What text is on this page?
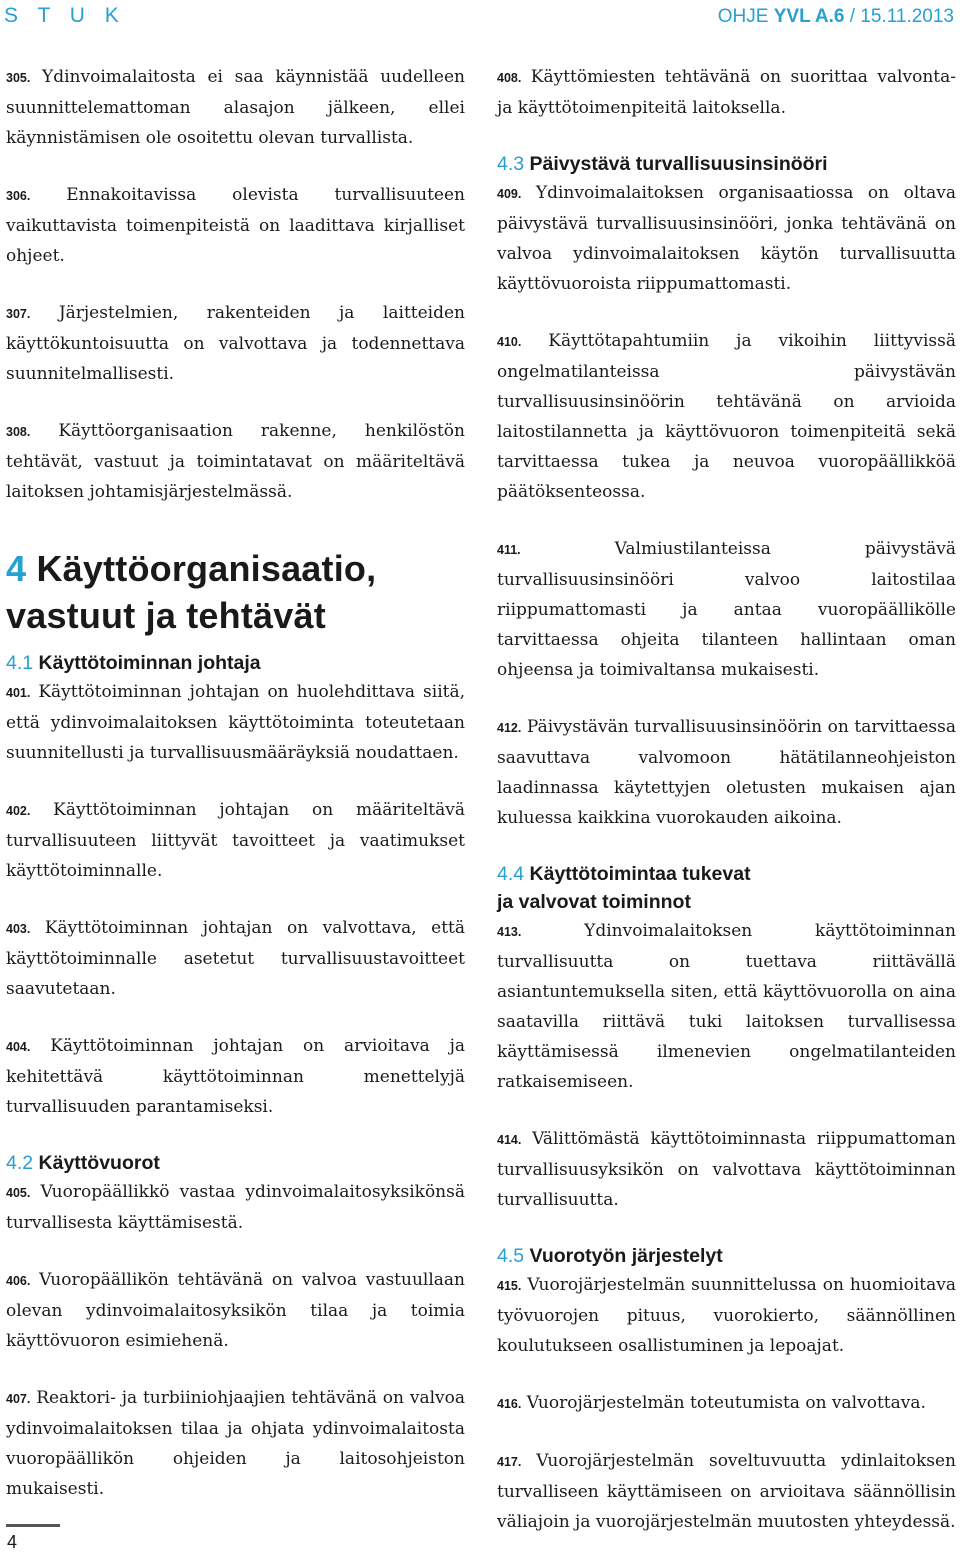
S T U K	OHJE YVL A.6 / 15.11.2013

305. Ydinvoimalaitosta ei saa käynnistää uudelleen suunnittelemattoman alasajon jälkeen, ellei käynnistämisen ole osoitettu olevan turvallista.

306. Ennakoitavissa olevista turvallisuuteen vaikuttavista toimenpiteistä on laadittava kirjalliset ohjeet.

307. Järjestelmien, rakenteiden ja laitteiden käyttökuntoisuutta on valvottava ja todennettava suunnitelmallisesti.

308. Käyttöorganisaation rakenne, henkilöstön tehtävät, vastuut ja toimintatavat on määriteltävä laitoksen johtamisjärjestelmässä.

4 Käyttöorganisaatio,
vastuut ja tehtävät
4.1 Käyttötoiminnan johtaja

401. Käyttötoiminnan johtajan on huolehdittava siitä, että ydinvoimalaitoksen käyttötoiminta toteutetaan suunnitellusti ja turvallisuusmääräyksiä noudattaen.

402. Käyttötoiminnan johtajan on määriteltävä turvallisuuteen liittyvät tavoitteet ja vaatimukset käyttötoiminnalle.

403. Käyttötoiminnan johtajan on valvottava, että käyttötoiminnalle asetetut turvallisuustavoitteet saavutetaan.

404. Käyttötoiminnan johtajan on arvioitava ja kehitettävä käyttötoiminnan menettelyjä turvallisuuden parantamiseksi.

4.2 Käyttövuorot

405. Vuoropäällikkö vastaa ydinvoimalaitosyksikönsä turvallisesta käyttämisestä.

406. Vuoropäällikön tehtävänä on valvoa vastuullaan olevan ydinvoimalaitosyksikön tilaa ja toimia käyttövuoron esimiehenä.

407. Reaktori- ja turbiiniohjaajien tehtävänä on valvoa ydinvoimalaitoksen tilaa ja ohjata ydinvoimalaitosta vuoropäällikön ohjeiden ja laitosohjeiston mukaisesti.

408. Käyttömiesten tehtävänä on suorittaa valvonta- ja käyttötoimenpiteitä laitoksella.

4.3 Päivystävä turvallisuusinsinööri

409. Ydinvoimalaitoksen organisaatiossa on oltava päivystävä turvallisuusinsinööri, jonka tehtävänä on valvoa ydinvoimalaitoksen käytön turvallisuutta käyttövuoroista riippumattomasti.

410. Käyttötapahtumiin ja vikoihin liittyvissä ongelmatilanteissa päivystävän turvallisuusinsinöörin tehtävänä on arvioida laitostilannetta ja käyttövuoron toimenpiteitä sekä tarvittaessa tukea ja neuvoa vuoropäällikköä päätöksenteossa.

411. Valmiustilanteissa päivystävä turvallisuusinsinööri valvoo laitostilaa riippumattomasti ja antaa vuoropäällikölle tarvittaessa ohjeita tilanteen hallintaan oman ohjeensa ja toimivaltansa mukaisesti.

412. Päivystävän turvallisuusinsinöörin on tarvittaessa saavuttava valvomoon hätätilanneohjeiston laadinnassa käytettyjen oletusten mukaisen ajan kuluessa kaikkina vuorokauden aikoina.

4.4 Käyttötoimintaa tukevat
ja valvovat toiminnot

413. Ydinvoimalaitoksen käyttötoiminnan turvallisuutta on tuettava riittävällä asiantuntemuksella siten, että käyttövuorolla on aina saatavilla riittävä tuki laitoksen turvallisessa käyttämisessä ilmenevien ongelmatilanteiden ratkaisemiseen.

414. Välittömästä käyttötoiminnasta riippumattoman turvallisuusyksikön on valvottava käyttötoiminnan turvallisuutta.

4.5 Vuorotyön järjestelyt

415. Vuorojärjestelmän suunnittelussa on huomioitava työvuorojen pituus, vuorokierto, säännöllinen koulutukseen osallistuminen ja lepoajat.

416. Vuorojärjestelmän toteutumista on valvottava.

417. Vuorojärjestelmän soveltuvuutta ydinlaitoksen turvalliseen käyttämiseen on arvioitava säännöllisin väliajoin ja vuorojärjestelmän muutosten yhteydessä.

4
